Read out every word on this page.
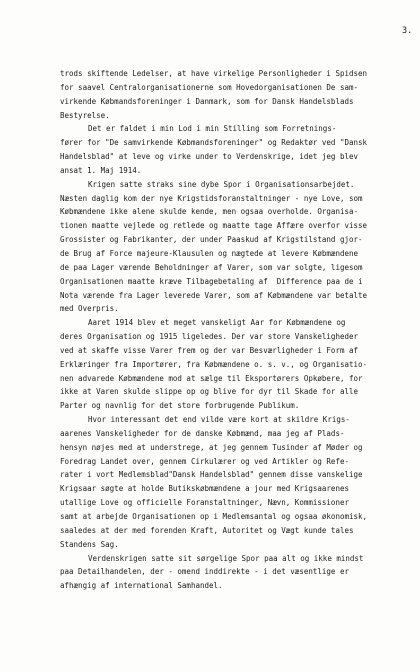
3.
trods skiftende Ledelser, at have virkelige Personligheder i Spidsen
for saavel Centralorganisationerne som Hovedorganisationen De sam-
virkende Købmandsforeninger i Danmark, som for Dansk Handelsblads
Bestyrelse.
Det er faldet i min Lod i min Stilling som Forretnings-
fører for "De samvirkende Købmandsforeninger" og Redaktør ved "Dansk
Handelsblad" at leve og virke under to Verdenskrige, idet jeg blev
ansat 1. Maj 1914.
Krigen satte straks sine dybe Spor i Organisationsarbejdet.
Næsten daglig kom der nye Krigstidsforanstaltninger - nye Love, som
Købmændene ikke alene skulde kende, men ogsaa overholde. Organisa-
tionen maatte vejlede og retlede og maatte tage Affære overfor visse
Grossister og Fabrikanter, der under Paaskud af Krigstilstand gjor-
de Brug af Force majeure-Klausulen og nægtede at levere Købmændene
de paa Lager værende Beholdninger af Varer, som var solgte, ligesom
Organisationen maatte kræve Tilbagebetaling af  Difference paa de i
Nota værende fra Lager leverede Varer, som af Købmændene var betalte
med Overpris.
Aaret 1914 blev et meget vanskeligt Aar for Købmændene og
deres Organisation og 1915 ligeledes. Der var store Vanskeligheder
ved at skaffe visse Varer frem og der var Besværligheder i Form af
Erklæringer fra Importører, fra Købmændene o. s. v., og Organisatio-
nen advarede Købmændene mod at sælge til Eksportørers Opkøbere, for
ikke at Varen skulde slippe op og blive for dyr til Skade for alle
Parter og navnlig for det store forbrugende Publikum.
Hvor interessant det end vilde være kort at skildre Krigs-
aarenes Vanskeligheder for de danske Købmænd, maa jeg af Plads-
hensyn nøjes med at understrege, at jeg gennem Tusinder af Møder og
Foredrag Landet over, gennem Cirkulærer og ved Artikler og Refe-
rater i vort Medlemsblad"Dansk Handelsblad" gennem disse vanskelige
Krigsaar søgte at holde Butikskøbmændene a jour med Krigsaarenes
utallige Love og officielle Foranstaltninger, Nævn, Kommissioner
samt at arbejde Organisationen op i Medlemsantal og ogsaa økonomisk,
saaledes at der med forenden Kraft, Autoritet og Vægt kunde tales
Standens Sag.
Verdenskrigen satte sit sørgelige Spor paa alt og ikke mindst
paa Detailhandelen, der - omend inddirekte - i det væsentlige er
afhængig af international Samhandel.
